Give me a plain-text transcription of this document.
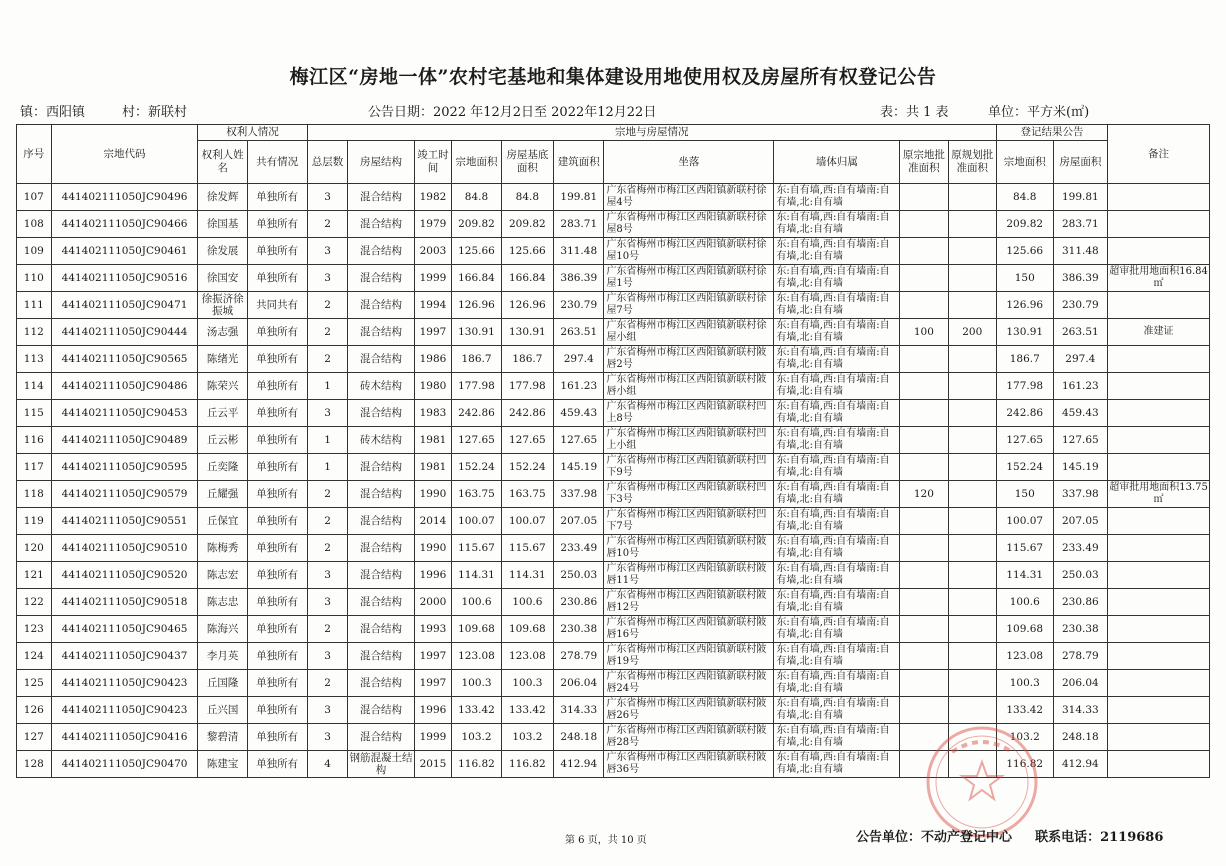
梅江区“房地一体”农村宅基地和集体建设用地使用权及房屋所有权登记公告
镇：西阳镇	村：新联村	公告日期：2022 年12月2日至 2022年12月22日	表：共 1 表	单位：平方米(㎡)
序号	宗地代码	权利人情况		宗地与房屋情况										登记结果公告		备注
		权利人姓名	共有情况	总层数	房屋结构	竣工时间	宗地面积	房屋基底面积	建筑面积	坐落	墙体归属	原宗地批准面积	原规划批准面积	宗地面积	房屋面积	
107	441402111050JC90496	徐发辉	单独所有	3	混合结构	1982	84.8	84.8	199.81	广东省梅州市梅江区西阳镇新联村徐屋4号	东:自有墙,西:自有墙南:自有墙,北:自有墙			84.8	199.81	
108	441402111050JC90466	徐国基	单独所有	2	混合结构	1979	209.82	209.82	283.71	广东省梅州市梅江区西阳镇新联村徐屋8号	东:自有墙,西:自有墙南:自有墙,北:自有墙			209.82	283.71	
109	441402111050JC90461	徐发展	单独所有	3	混合结构	2003	125.66	125.66	311.48	广东省梅州市梅江区西阳镇新联村徐屋10号	东:自有墙,西:自有墙南:自有墙,北:自有墙			125.66	311.48	
110	441402111050JC90516	徐国安	单独所有	3	混合结构	1999	166.84	166.84	386.39	广东省梅州市梅江区西阳镇新联村徐屋1号	东:自有墙,西:自有墙南:自有墙,北:自有墙			150	386.39	超审批用地面积16.84㎡
111	441402111050JC90471	徐振济徐振城	共同共有	2	混合结构	1994	126.96	126.96	230.79	广东省梅州市梅江区西阳镇新联村徐屋7号	东:自有墙,西:自有墙南:自有墙,北:自有墙			126.96	230.79	
112	441402111050JC90444	汤志强	单独所有	2	混合结构	1997	130.91	130.91	263.51	广东省梅州市梅江区西阳镇新联村徐屋小组	东:自有墙,西:自有墙南:自有墙,北:自有墙	100	200	130.91	263.51	准建证
113	441402111050JC90565	陈绪光	单独所有	2	混合结构	1986	186.7	186.7	297.4	广东省梅州市梅江区西阳镇新联村陂唇2号	东:自有墙,西:自有墙南:自有墙,北:自有墙			186.7	297.4	
114	441402111050JC90486	陈荣兴	单独所有	1	砖木结构	1980	177.98	177.98	161.23	广东省梅州市梅江区西阳镇新联村陂唇小组	东:自有墙,西:自有墙南:自有墙,北:自有墙			177.98	161.23	
115	441402111050JC90453	丘云平	单独所有	3	混合结构	1983	242.86	242.86	459.43	广东省梅州市梅江区西阳镇新联村凹上8号	东:自有墙,西:自有墙南:自有墙,北:自有墙			242.86	459.43	
116	441402111050JC90489	丘云彬	单独所有	1	砖木结构	1981	127.65	127.65	127.65	广东省梅州市梅江区西阳镇新联村凹上小组	东:自有墙,西:自有墙南:自有墙,北:自有墙			127.65	127.65	
117	441402111050JC90595	丘奕隆	单独所有	1	混合结构	1981	152.24	152.24	145.19	广东省梅州市梅江区西阳镇新联村凹下9号	东:自有墙,西:自有墙南:自有墙,北:自有墙			152.24	145.19	
118	441402111050JC90579	丘耀强	单独所有	2	混合结构	1990	163.75	163.75	337.98	广东省梅州市梅江区西阳镇新联村凹下3号	东:自有墙,西:自有墙南:自有墙,北:自有墙	120		150	337.98	超审批用地面积13.75㎡
119	441402111050JC90551	丘保宜	单独所有	2	混合结构	2014	100.07	100.07	207.05	广东省梅州市梅江区西阳镇新联村凹下7号	东:自有墙,西:自有墙南:自有墙,北:自有墙			100.07	207.05	
120	441402111050JC90510	陈梅秀	单独所有	2	混合结构	1990	115.67	115.67	233.49	广东省梅州市梅江区西阳镇新联村陂唇10号	东:自有墙,西:自有墙南:自有墙,北:自有墙			115.67	233.49	
121	441402111050JC90520	陈志宏	单独所有	3	混合结构	1996	114.31	114.31	250.03	广东省梅州市梅江区西阳镇新联村陂唇11号	东:自有墙,西:自有墙南:自有墙,北:自有墙			114.31	250.03	
122	441402111050JC90518	陈志忠	单独所有	3	混合结构	2000	100.6	100.6	230.86	广东省梅州市梅江区西阳镇新联村陂唇12号	东:自有墙,西:自有墙南:自有墙,北:自有墙			100.6	230.86	
123	441402111050JC90465	陈海兴	单独所有	2	混合结构	1993	109.68	109.68	230.38	广东省梅州市梅江区西阳镇新联村陂唇16号	东:自有墙,西:自有墙南:自有墙,北:自有墙			109.68	230.38	
124	441402111050JC90437	李月英	单独所有	3	混合结构	1997	123.08	123.08	278.79	广东省梅州市梅江区西阳镇新联村陂唇19号	东:自有墙,西:自有墙南:自有墙,北:自有墙			123.08	278.79	
125	441402111050JC90423	丘国隆	单独所有	2	混合结构	1997	100.3	100.3	206.04	广东省梅州市梅江区西阳镇新联村陂唇24号	东:自有墙,西:自有墙南:自有墙,北:自有墙			100.3	206.04	
126	441402111050JC90423	丘兴国	单独所有	3	混合结构	1996	133.42	133.42	314.33	广东省梅州市梅江区西阳镇新联村陂唇26号	东:自有墙,西:自有墙南:自有墙,北:自有墙			133.42	314.33	
127	441402111050JC90416	黎碧清	单独所有	3	混合结构	1999	103.2	103.2	248.18	广东省梅州市梅江区西阳镇新联村陂唇28号	东:自有墙,西:自有墙南:自有墙,北:自有墙			103.2	248.18	
128	441402111050JC90470	陈建宝	单独所有	4	钢筋混凝土结构	2015	116.82	116.82	412.94	广东省梅州市梅江区西阳镇新联村陂唇36号	东:自有墙,西:自有墙南:自有墙,北:自有墙			116.82	412.94	
第 6 页，共 10 页	公告单位：不动产登记中心 联系电话：2119686
